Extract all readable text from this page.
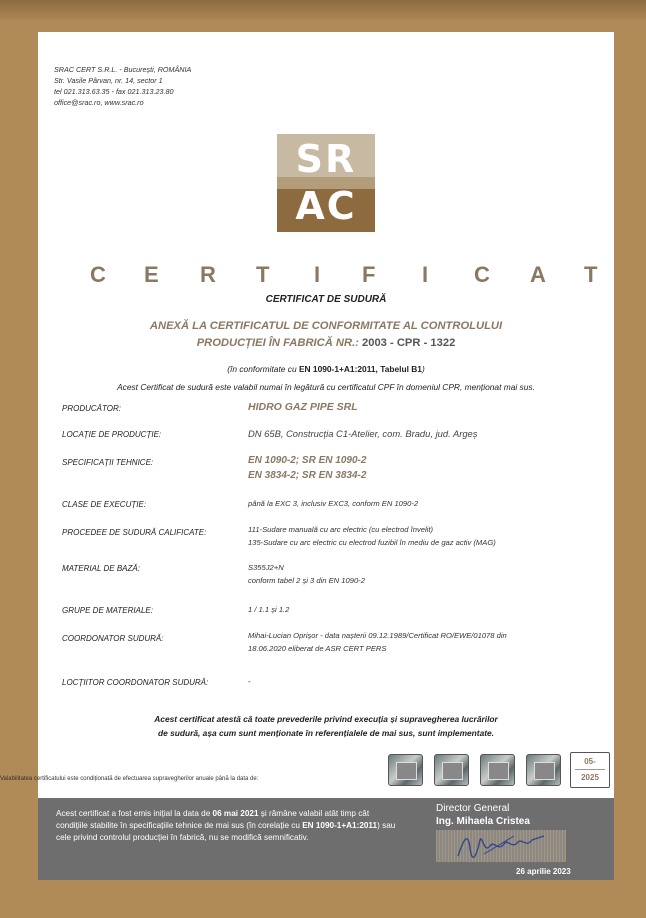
SRAC CERT S.R.L. - București, ROMÂNIA
Str. Vasile Pârvan, nr. 14, sector 1
tel 021.313.63.35 - fax 021.313.23.80
office@srac.ro, www.srac.ro
SR
AC
C E R T I F I C A T
CERTIFICAT DE SUDURĂ
ANEXĂ LA CERTIFICATUL DE CONFORMITATE AL CONTROLULUI
PRODUCȚIEI ÎN FABRICĂ NR.: 2003 - CPR - 1322
(în conformitate cu EN 1090-1+A1:2011, Tabelul B1)
Acest Certificat de sudură este valabil numai în legătură cu certificatul CPF în domeniul CPR, menționat mai sus.
PRODUCĂTOR:	HIDRO GAZ PIPE SRL
LOCAȚIE DE PRODUCȚIE:	DN 65B, Construcția C1-Atelier, com. Bradu, jud. Argeș
SPECIFICAȚII TEHNICE:	EN 1090-2; SR EN 1090-2
EN 3834-2; SR EN 3834-2
CLASE DE EXECUȚIE:	până la EXC 3, inclusiv EXC3, conform EN 1090-2
PROCEDEE DE SUDURĂ CALIFICATE:	111-Sudare manuală cu arc electric (cu electrod învelit)
135-Sudare cu arc electric cu electrod fuzibil în mediu de gaz activ (MAG)
MATERIAL DE BAZĂ:	S355J2+N
conform tabel 2 și 3 din EN 1090-2
GRUPE DE MATERIALE:	1 / 1.1 și 1.2
COORDONATOR SUDURĂ:	Mihai-Lucian Oprișor - data nașterii 09.12.1989/Certificat RO/EWE/01078 din
18.06.2020 eliberat de ASR CERT PERS
LOCȚIITOR COORDONATOR SUDURĂ:	-
Acest certificat atestă că toate prevederile privind execuția și supravegherea lucrărilor
de sudură, așa cum sunt menționate în referențialele de mai sus, sunt implementate.
Valabilitatea certificatului este condiționată de efectuarea supravegherilor anuale până la data de:
05-
2025
Acest certificat a fost emis inițial la data de 06 mai 2021 și rămâne valabil atât timp cât condițiile stabilite în specificațiile tehnice de mai sus (în corelație cu EN 1090-1+A1:2011) sau cele privind controlul producției în fabrică, nu se modifică semnificativ.
Director General
Ing. Mihaela Cristea
26 aprilie 2023
